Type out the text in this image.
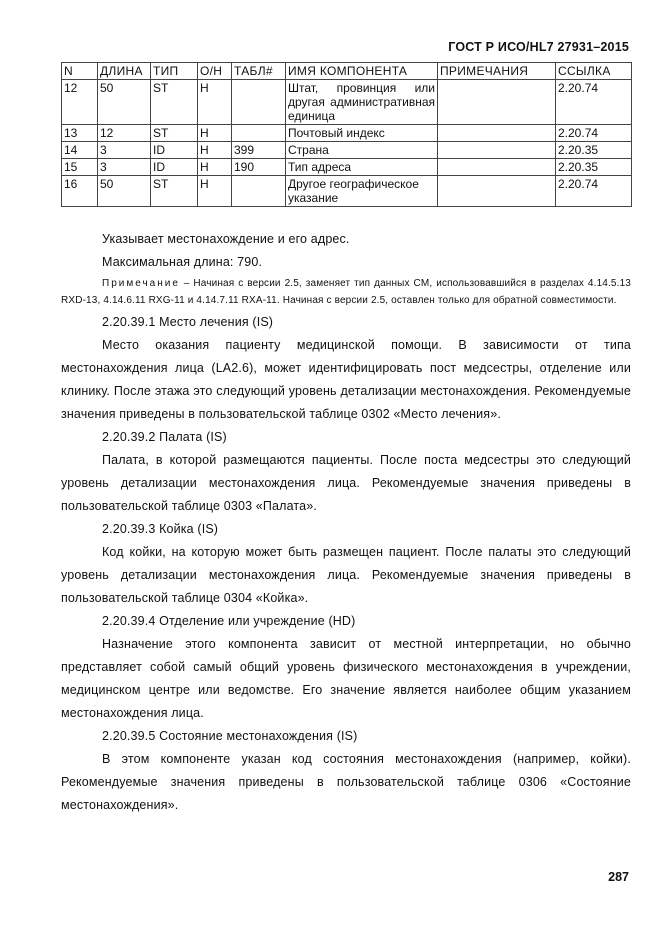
ГОСТ Р ИСО/HL7 27931–2015
N	ДЛИНА	ТИП	О/Н	ТАБЛ#	ИМЯ КОМПОНЕНТА	ПРИМЕЧАНИЯ	ССЫЛКА
12	50	ST	Н		Штат, провинция или другая административная единица		2.20.74
13	12	ST	Н		Почтовый индекс		2.20.74
14	3	ID	Н	399	Страна		2.20.35
15	3	ID	Н	190	Тип адреса		2.20.35
16	50	ST	Н		Другое географическое указание		2.20.74

Указывает местонахождение и его адрес.

Максимальная длина: 790.

Примечание – Начиная с версии 2.5, заменяет тип данных CM, использовавшийся в разделах 4.14.5.13 RXD-13, 4.14.6.11 RXG-11 и 4.14.7.11 RXA-11. Начиная с версии 2.5, оставлен только для обратной совместимости.

2.20.39.1 Место лечения (IS)

Место оказания пациенту медицинской помощи. В зависимости от типа местонахождения лица (LA2.6), может идентифицировать пост медсестры, отделение или клинику. После этажа это следующий уровень детализации местонахождения. Рекомендуемые значения приведены в пользовательской таблице 0302 «Место лечения».

2.20.39.2 Палата (IS)

Палата, в которой размещаются пациенты. После поста медсестры это следующий уровень детализации местонахождения лица. Рекомендуемые значения приведены в пользовательской таблице 0303 «Палата».

2.20.39.3 Койка (IS)

Код койки, на которую может быть размещен пациент. После палаты это следующий уровень детализации местонахождения лица. Рекомендуемые значения приведены в пользовательской таблице 0304 «Койка».

2.20.39.4 Отделение или учреждение (HD)

Назначение этого компонента зависит от местной интерпретации, но обычно представляет собой самый общий уровень физического местонахождения в учреждении, медицинском центре или ведомстве. Его значение является наиболее общим указанием местонахождения лица.

2.20.39.5 Состояние местонахождения (IS)

В этом компоненте указан код состояния местонахождения (например, койки). Рекомендуемые значения приведены в пользовательской таблице 0306 «Состояние местонахождения».

287
